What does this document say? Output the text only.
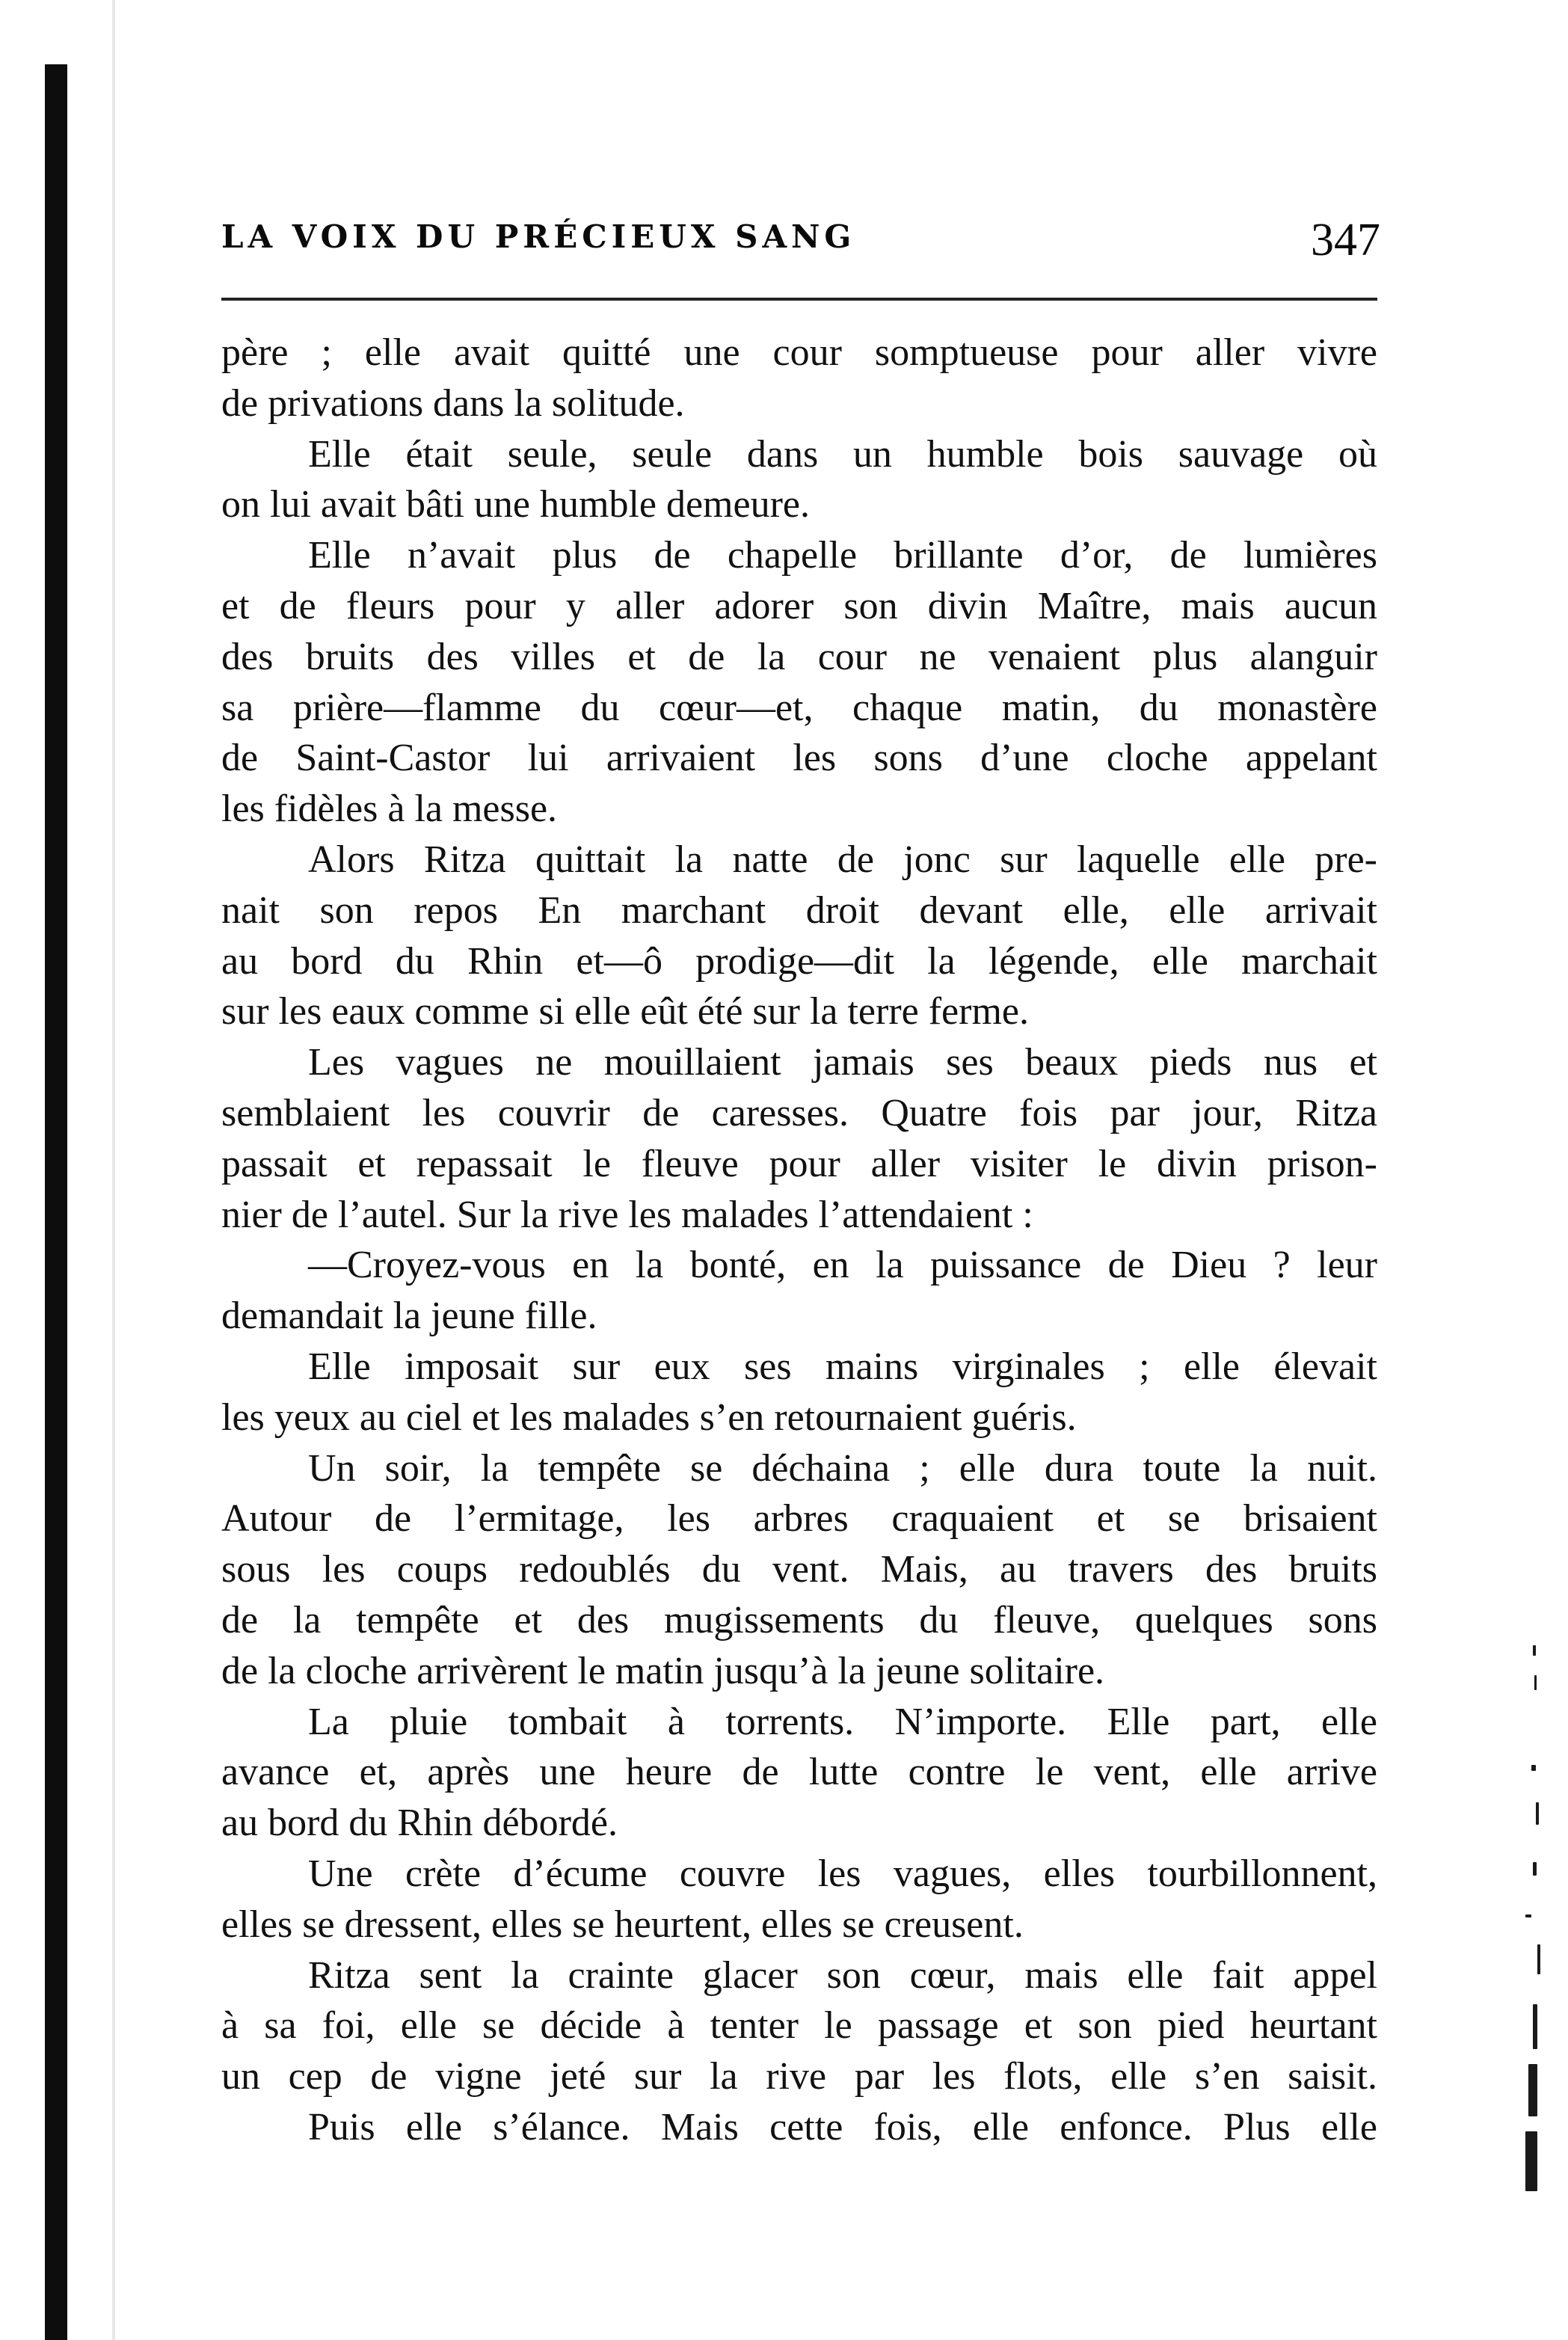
LA VOIX DU PRÉCIEUX SANG	347
père ; elle avait quitté une cour somptueuse pour aller vivre
de privations dans la solitude.
Elle était seule, seule dans un humble bois sauvage où
on lui avait bâti une humble demeure.
Elle n’avait plus de chapelle brillante d’or, de lumières
et de fleurs pour y aller adorer son divin Maître, mais aucun
des bruits des villes et de la cour ne venaient plus alanguir
sa prière—flamme du cœur—et, chaque matin, du monastère
de Saint-Castor lui arrivaient les sons d’une cloche appelant
les fidèles à la messe.
Alors Ritza quittait la natte de jonc sur laquelle elle pre-
nait son repos En marchant droit devant elle, elle arrivait
au bord du Rhin et—ô prodige—dit la légende, elle marchait
sur les eaux comme si elle eût été sur la terre ferme.
Les vagues ne mouillaient jamais ses beaux pieds nus et
semblaient les couvrir de caresses. Quatre fois par jour, Ritza
passait et repassait le fleuve pour aller visiter le divin prison-
nier de l’autel. Sur la rive les malades l’attendaient :
—Croyez-vous en la bonté, en la puissance de Dieu ? leur
demandait la jeune fille.
Elle imposait sur eux ses mains virginales ; elle élevait
les yeux au ciel et les malades s’en retournaient guéris.
Un soir, la tempête se déchaina ; elle dura toute la nuit.
Autour de l’ermitage, les arbres craquaient et se brisaient
sous les coups redoublés du vent. Mais, au travers des bruits
de la tempête et des mugissements du fleuve, quelques sons
de la cloche arrivèrent le matin jusqu’à la jeune solitaire.
La pluie tombait à torrents. N’importe. Elle part, elle
avance et, après une heure de lutte contre le vent, elle arrive
au bord du Rhin débordé.
Une crète d’écume couvre les vagues, elles tourbillonnent,
elles se dressent, elles se heurtent, elles se creusent.
Ritza sent la crainte glacer son cœur, mais elle fait appel
à sa foi, elle se décide à tenter le passage et son pied heurtant
un cep de vigne jeté sur la rive par les flots, elle s’en saisit.
Puis elle s’élance. Mais cette fois, elle enfonce. Plus elle
